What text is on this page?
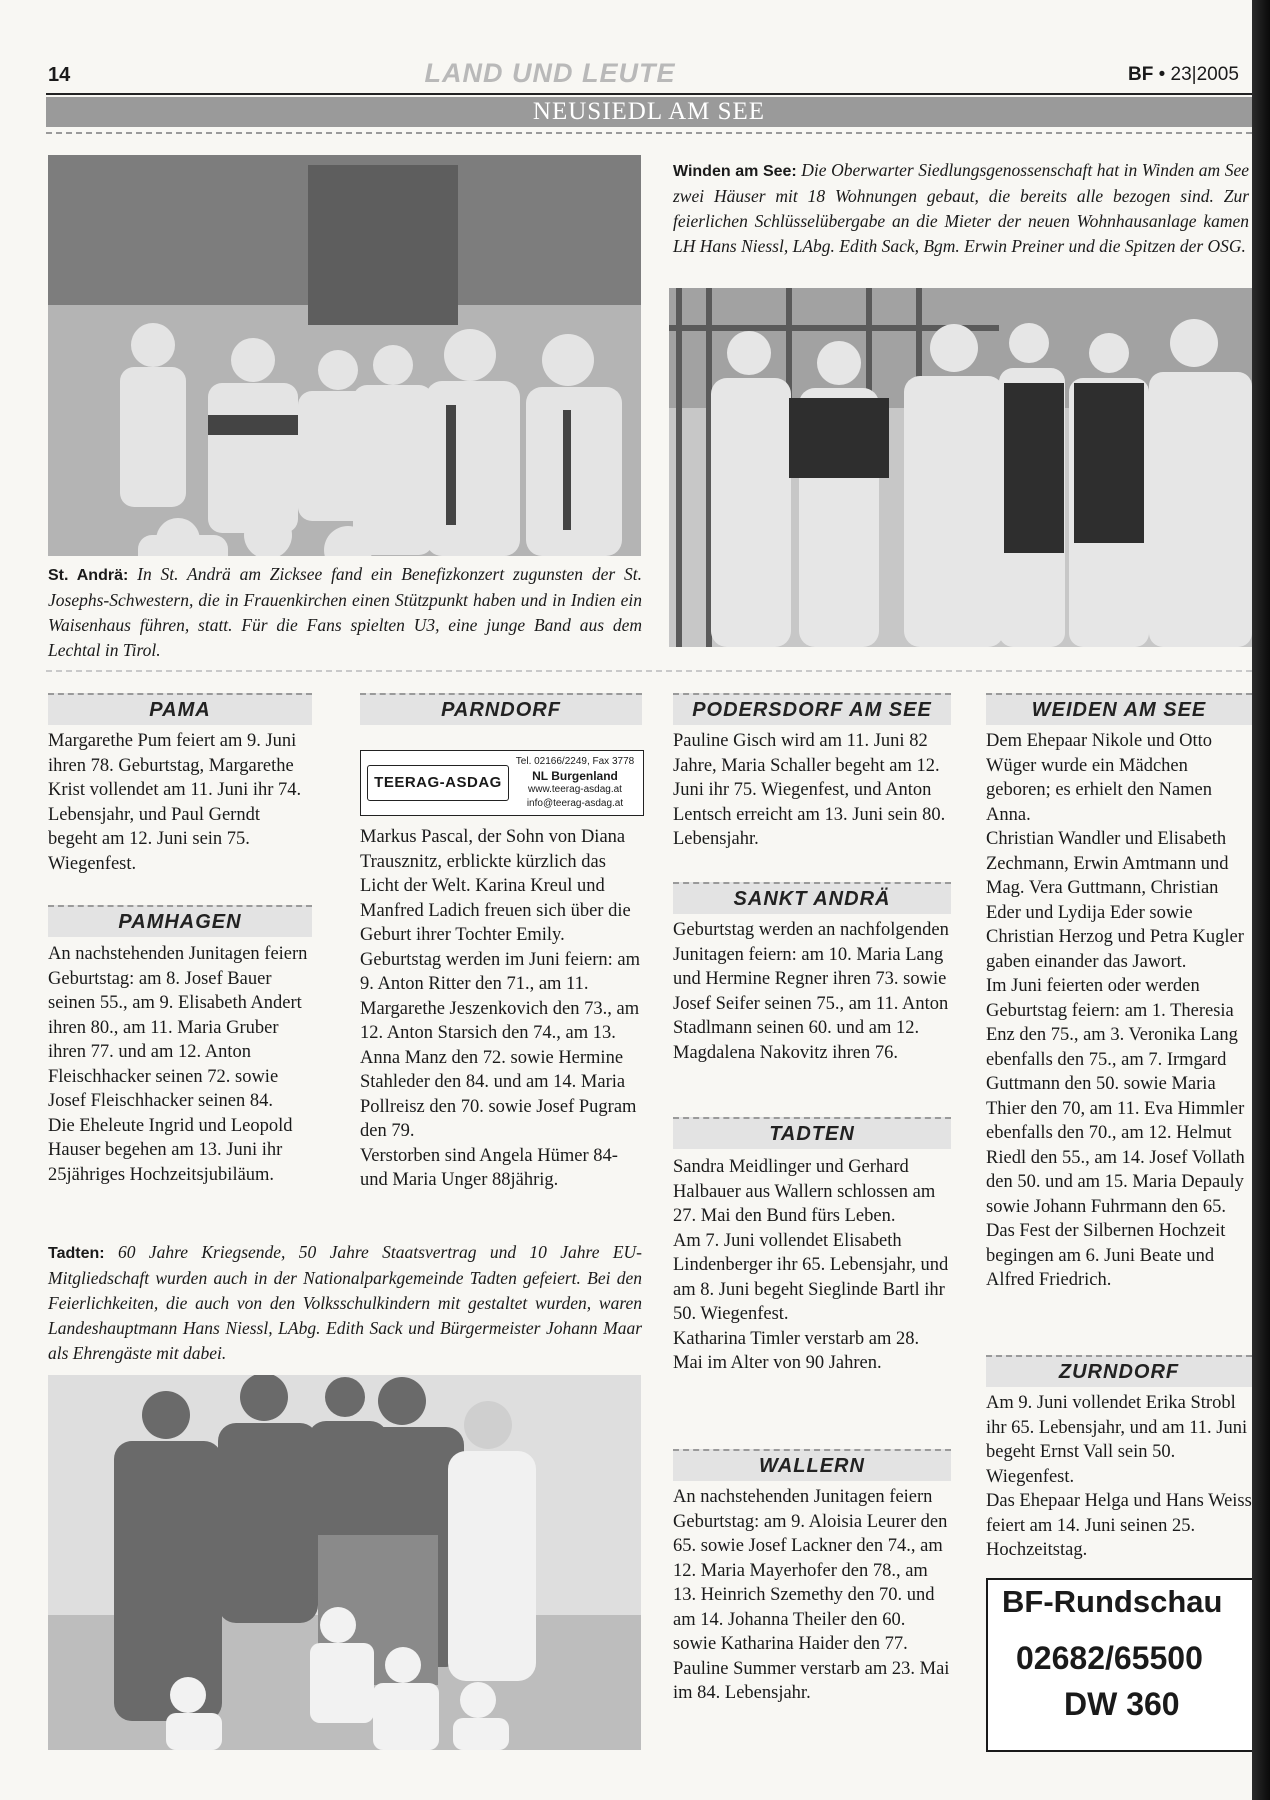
14	LAND UND LEUTE	BF • 23|2005
NEUSIEDL AM SEE
Winden am See: Die Oberwarter Siedlungsgenossenschaft hat in Winden am See zwei Häuser mit 18 Wohnungen gebaut, die bereits alle bezogen sind. Zur feierlichen Schlüsselübergabe an die Mieter der neuen Wohnhausanlage kamen LH Hans Niessl, LAbg. Edith Sack, Bgm. Erwin Preiner und die Spitzen der OSG.
St. Andrä: In St. Andrä am Zicksee fand ein Benefizkonzert zugunsten der St. Josephs-Schwestern, die in Frauenkirchen einen Stützpunkt haben und in Indien ein Waisenhaus führen, statt. Für die Fans spielten U3, eine junge Band aus dem Lechtal in Tirol.
PAMA
Margarethe Pum feiert am 9. Juni ihren 78. Geburtstag, Margarethe Krist vollendet am 11. Juni ihr 74. Lebensjahr, und Paul Gerndt begeht am 12. Juni sein 75. Wiegenfest.
PAMHAGEN
An nachstehenden Junitagen feiern Geburtstag: am 8. Josef Bauer seinen 55., am 9. Elisabeth Andert ihren 80., am 11. Maria Gruber ihren 77. und am 12. Anton Fleischhacker seinen 72. sowie Josef Fleischhacker seinen 84.
Die Eheleute Ingrid und Leopold Hauser begehen am 13. Juni ihr 25jähriges Hochzeitsjubiläum.
PARNDORF
TEERAG-ASDAG
Tel. 02166/2249, Fax 3778
NL Burgenland
www.teerag-asdag.at
info@teerag-asdag.at
Markus Pascal, der Sohn von Diana Trausznitz, erblickte kürzlich das Licht der Welt. Karina Kreul und Manfred Ladich freuen sich über die Geburt ihrer Tochter Emily.
Geburtstag werden im Juni feiern: am 9. Anton Ritter den 71., am 11. Margarethe Jeszenkovich den 73., am 12. Anton Starsich den 74., am 13. Anna Manz den 72. sowie Hermine Stahleder den 84. und am 14. Maria Pollreisz den 70. sowie Josef Pugram den 79.
Verstorben sind Angela Hümer 84- und Maria Unger 88jährig.
Tadten: 60 Jahre Kriegsende, 50 Jahre Staatsvertrag und 10 Jahre EU-Mitgliedschaft wurden auch in der Nationalparkgemeinde Tadten gefeiert. Bei den Feierlichkeiten, die auch von den Volksschulkindern mit gestaltet wurden, waren Landeshauptmann Hans Niessl, LAbg. Edith Sack und Bürgermeister Johann Maar als Ehrengäste mit dabei.
PODERSDORF AM SEE
Pauline Gisch wird am 11. Juni 82 Jahre, Maria Schaller begeht am 12. Juni ihr 75. Wiegenfest, und Anton Lentsch erreicht am 13. Juni sein 80. Lebensjahr.
SANKT ANDRÄ
Geburtstag werden an nachfolgenden Junitagen feiern: am 10. Maria Lang und Hermine Regner ihren 73. sowie Josef Seifer seinen 75., am 11. Anton Stadlmann seinen 60. und am 12. Magdalena Nakovitz ihren 76.
TADTEN
Sandra Meidlinger und Gerhard Halbauer aus Wallern schlossen am 27. Mai den Bund fürs Leben.
Am 7. Juni vollendet Elisabeth Lindenberger ihr 65. Lebensjahr, und am 8. Juni begeht Sieglinde Bartl ihr 50. Wiegenfest.
Katharina Timler verstarb am 28. Mai im Alter von 90 Jahren.
WALLERN
An nachstehenden Junitagen feiern Geburtstag: am 9. Aloisia Leurer den 65. sowie Josef Lackner den 74., am 12. Maria Mayerhofer den 78., am 13. Heinrich Szemethy den 70. und am 14. Johanna Theiler den 60. sowie Katharina Haider den 77.
Pauline Summer verstarb am 23. Mai im 84. Lebensjahr.
WEIDEN AM SEE
Dem Ehepaar Nikole und Otto Wüger wurde ein Mädchen geboren; es erhielt den Namen Anna.
Christian Wandler und Elisabeth Zechmann, Erwin Amtmann und Mag. Vera Guttmann, Christian Eder und Lydija Eder sowie Christian Herzog und Petra Kugler gaben einander das Jawort.
Im Juni feierten oder werden Geburtstag feiern: am 1. Theresia Enz den 75., am 3. Veronika Lang ebenfalls den 75., am 7. Irmgard Guttmann den 50. sowie Maria Thier den 70, am 11. Eva Himmler ebenfalls den 70., am 12. Helmut Riedl den 55., am 14. Josef Vollath den 50. und am 15. Maria Depauly sowie Johann Fuhrmann den 65.
Das Fest der Silbernen Hochzeit begingen am 6. Juni Beate und Alfred Friedrich.
ZURNDORF
Am 9. Juni vollendet Erika Strobl ihr 65. Lebensjahr, und am 11. Juni begeht Ernst Vall sein 50. Wiegenfest.
Das Ehepaar Helga und Hans Weiss feiert am 14. Juni seinen 25. Hochzeitstag.
BF-Rundschau
02682/65500
DW 360
